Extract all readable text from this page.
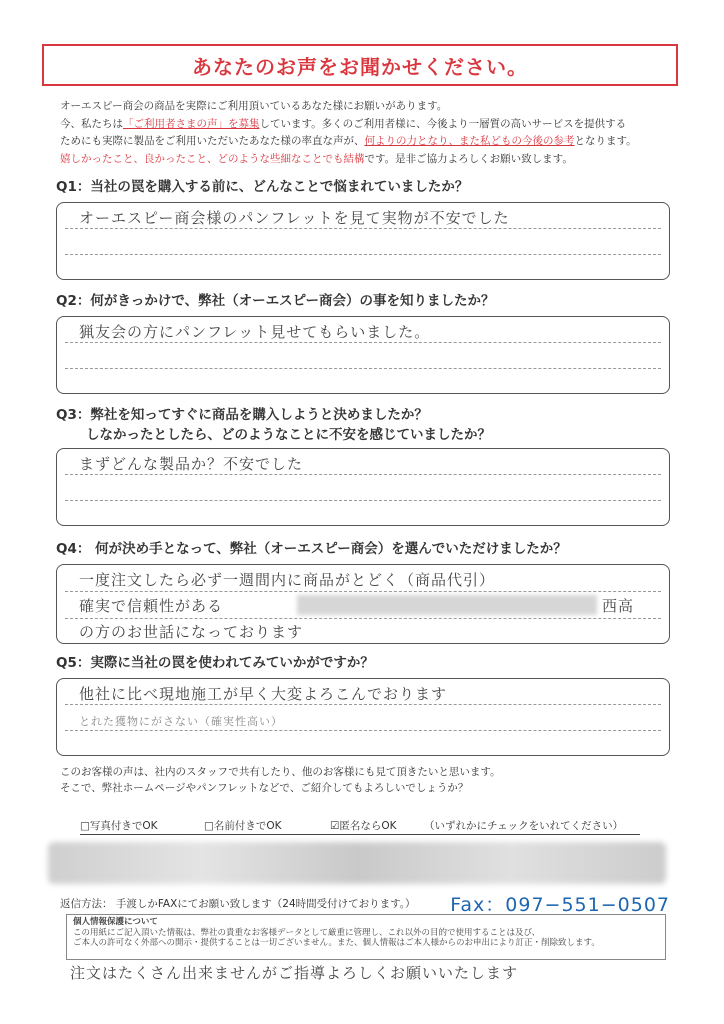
あなたのお声をお聞かせください。
オーエスピー商会の商品を実際にご利用頂いているあなた様にお願いがあります。
今、私たちは「ご利用者さまの声」を募集しています。多くのご利用者様に、今後より一層質の高いサービスを提供する
ためにも実際に製品をご利用いただいたあなた様の率直な声が、何よりの力となり、また私どもの今後の参考となります。
嬉しかったこと、良かったこと、どのような些細なことでも結構です。是非ご協力よろしくお願い致します。
Q1：当社の罠を購入する前に、どんなことで悩まれていましたか？
オーエスピー商会様のパンフレットを見て実物が不安でした
Q2：何がきっかけで、弊社（オーエスピー商会）の事を知りましたか？
猟友会の方にパンフレット見せてもらいました。
Q3：弊社を知ってすぐに商品を購入しようと決めましたか？
しなかったとしたら、どのようなことに不安を感じていましたか？
まずどんな製品か？不安でした
Q4： 何が決め手となって、弊社（オーエスピー商会）を選んでいただけましたか？
一度注文したら必ず一週間内に商品がとどく（商品代引）
確実で信頼性がある	西高
の方のお世話になっております
Q5：実際に当社の罠を使われてみていかがですか？
他社に比べ現地施工が早く大変よろこんでおります
とれた獲物にがさない（確実性高い）
このお客様の声は、社内のスタッフで共有したり、他のお客様にも見て頂きたいと思います。
そこで、弊社ホームページやパンフレットなどで、ご紹介してもよろしいでしょうか？
□写真付きでOK	□名前付きでOK	☑匿名ならOK	（いずれかにチェックをいれてください）
返信方法： 手渡しかFAXにてお願い致します（24時間受付けております。） Fax：097−551−0507
個人情報保護について
この用紙にご記入頂いた情報は、弊社の貴重なお客様データとして厳重に管理し、これ以外の目的で使用することは及び、
ご本人の許可なく外部への開示・提供することは一切ございません。また、個人情報はご本人様からのお申出により訂正・削除致します。
注文はたくさん出来ませんがご指導よろしくお願いいたします
